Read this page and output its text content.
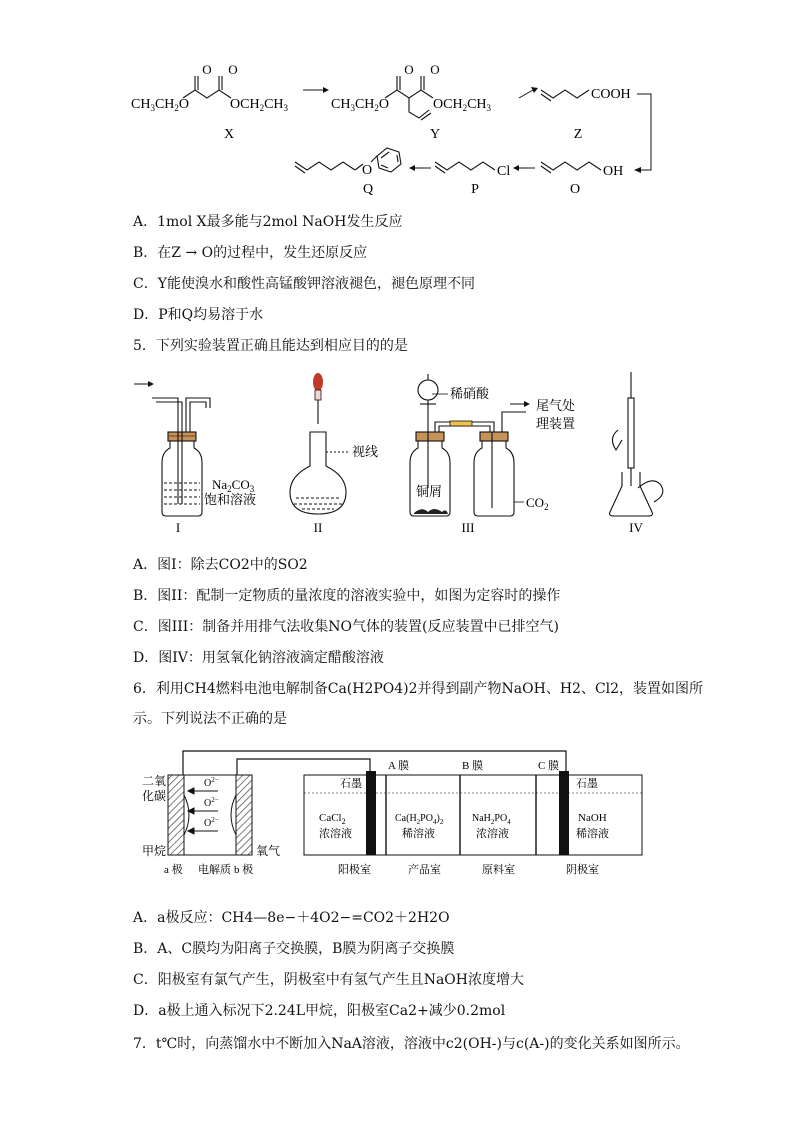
O O
$CH_3CH_2O$	$OCH_2CH_3$
X
$CH_3CH_2O$
O O
$OCH_2CH_3$
Y
COOH
Z
OH
O
Cl
P
O
Q
A．1mol X最多能与2mol NaOH发生反应
B．在Z → O的过程中，发生还原反应
C．Y能使溴水和酸性高锰酸钾溶液褪色，褪色原理不同
D．P和Q均易溶于水
5．下列实验装置正确且能达到相应目的的是
$Na_2CO_3$
饱和溶液
I
视线
II
稀硝酸
尾气处
理装置
铜屑
$CO_2$
III	IV
A．图I：除去CO2中的SO2
B．图II：配制一定物质的量浓度的溶液实验中，如图为定容时的操作
C．图III：制备并用排气法收集NO气体的装置(反应装置中已排空气)
D．图IV：用氢氧化钠溶液滴定醋酸溶液
6．利用CH4燃料电池电解制备Ca(H2PO4)2并得到副产物NaOH、H2、Cl2，装置如图所
示。下列说法不正确的是
$O^{2-}$
$O^{2-}$
$O^{2-}$
二氧
化碳
甲烷	氧气
a 极 电解质 b 极
石墨	石墨
A 膜	B 膜	C 膜
CaCl$_2$
浓溶液
$Ca(H_2PO_4)_2$
稀溶液
$NaH_2PO_4$
浓溶液
NaOH
稀溶液
阳极室	产品室	原料室	阴极室
A．a极反应：CH4—8e−＋4O2−=CO2＋2H2O
B．A、C膜均为阳离子交换膜，B膜为阴离子交换膜
C．阳极室有氯气产生，阴极室中有氢气产生且NaOH浓度增大
D．a极上通入标况下2.24L甲烷，阳极室Ca2+减少0.2mol
7．t℃时，向蒸馏水中不断加入NaA溶液，溶液中c2(OH-)与c(A-)的变化关系如图所示。
